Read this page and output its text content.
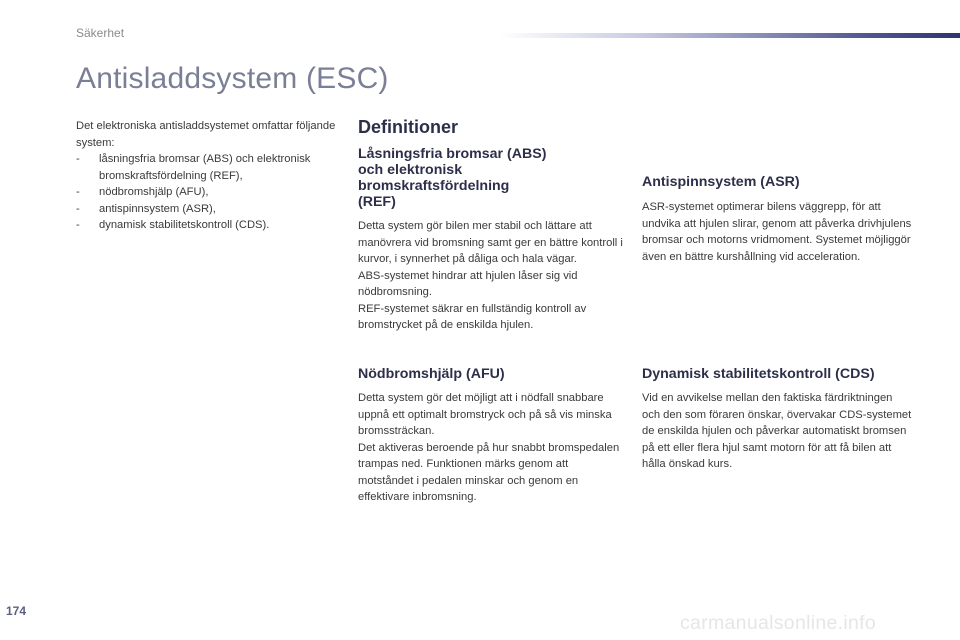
Säkerhet
Antisladdsystem (ESC)
Det elektroniska antisladdsystemet omfattar följande system:
- låsningsfria bromsar (ABS) och elektronisk bromskraftsfördelning (REF),
- nödbromshjälp (AFU),
- antispinnsystem (ASR),
- dynamisk stabilitetskontroll (CDS).
Definitioner
Låsningsfria bromsar (ABS) och elektronisk bromskraftsfördelning (REF)

Detta system gör bilen mer stabil och lättare att manövrera vid bromsning samt ger en bättre kontroll i kurvor, i synnerhet på dåliga och hala vägar.
ABS-systemet hindrar att hjulen låser sig vid nödbromsning.
REF-systemet säkrar en fullständig kontroll av bromstrycket på de enskilda hjulen.

Antispinnsystem (ASR)

ASR-systemet optimerar bilens väggrepp, för att undvika att hjulen slirar, genom att påverka drivhjulens bromsar och motorns vridmoment. Systemet möjliggör även en bättre kurshållning vid acceleration.

Nödbromshjälp (AFU)

Detta system gör det möjligt att i nödfall snabbare uppnå ett optimalt bromstryck och på så vis minska bromssträckan.
Det aktiveras beroende på hur snabbt bromspedalen trampas ned. Funktionen märks genom att motståndet i pedalen minskar och genom en effektivare inbromsning.

Dynamisk stabilitetskontroll (CDS)

Vid en avvikelse mellan den faktiska färdriktningen och den som föraren önskar, övervakar CDS-systemet de enskilda hjulen och påverkar automatiskt bromsen på ett eller flera hjul samt motorn för att få bilen att hålla önskad kurs.

174
carmanualsonline.info
